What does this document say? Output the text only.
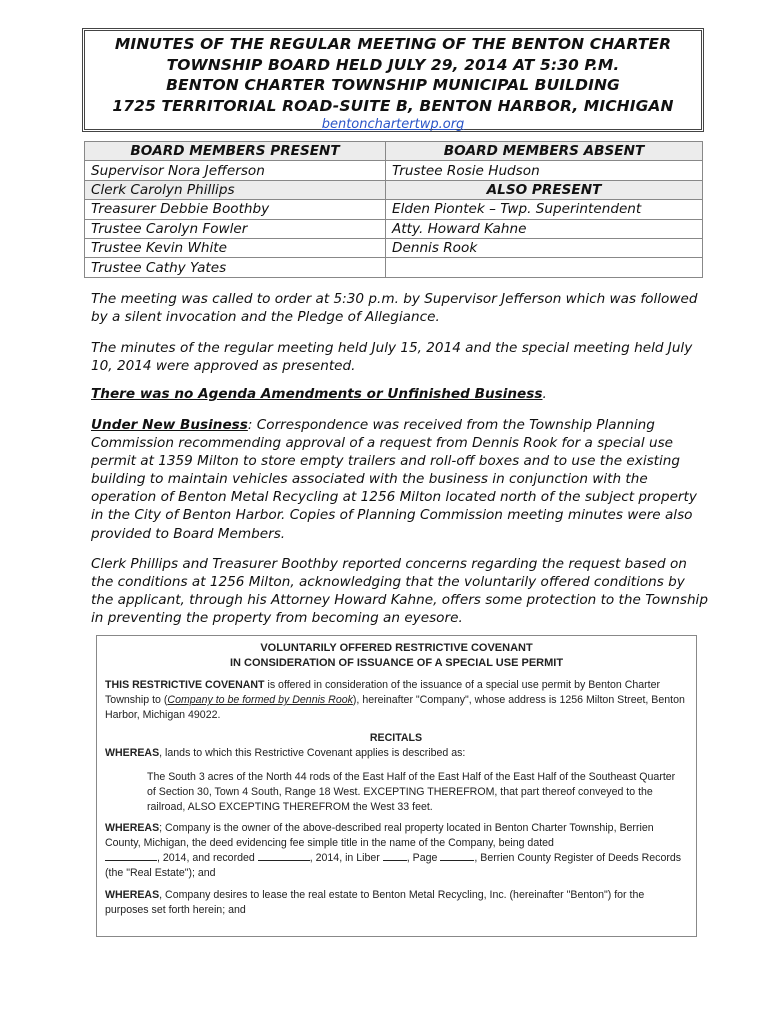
MINUTES OF THE REGULAR MEETING OF THE BENTON CHARTER
TOWNSHIP BOARD HELD JULY 29, 2014 AT 5:30 P.M.
BENTON CHARTER TOWNSHIP MUNICIPAL BUILDING
1725 TERRITORIAL ROAD-SUITE B, BENTON HARBOR, MICHIGAN
bentonchartertwp.org
BOARD MEMBERS PRESENT	BOARD MEMBERS ABSENT
Supervisor Nora Jefferson	Trustee Rosie Hudson
Clerk Carolyn Phillips	ALSO PRESENT
Treasurer Debbie Boothby	Elden Piontek – Twp. Superintendent
Trustee Carolyn Fowler	Atty. Howard Kahne
Trustee Kevin White	Dennis Rook
Trustee Cathy Yates	
The meeting was called to order at 5:30 p.m. by Supervisor Jefferson which was followed by a silent invocation and the Pledge of Allegiance.
The minutes of the regular meeting held July 15, 2014 and the special meeting held July 10, 2014 were approved as presented.
There was no Agenda Amendments or Unfinished Business.
Under New Business: Correspondence was received from the Township Planning Commission recommending approval of a request from Dennis Rook for a special use permit at 1359 Milton to store empty trailers and roll-off boxes and to use the existing building to maintain vehicles associated with the business in conjunction with the operation of Benton Metal Recycling at 1256 Milton located north of the subject property in the City of Benton Harbor. Copies of Planning Commission meeting minutes were also provided to Board Members.
Clerk Phillips and Treasurer Boothby reported concerns regarding the request based on the conditions at 1256 Milton, acknowledging that the voluntarily offered conditions by the applicant, through his Attorney Howard Kahne, offers some protection to the Township in preventing the property from becoming an eyesore.
VOLUNTARILY OFFERED RESTRICTIVE COVENANT
IN CONSIDERATION OF ISSUANCE OF A SPECIAL USE PERMIT
THIS RESTRICTIVE COVENANT is offered in consideration of the issuance of a special use permit by Benton Charter Township to (Company to be formed by Dennis Rook), hereinafter "Company", whose address is 1256 Milton Street, Benton Harbor, Michigan 49022.
RECITALS
WHEREAS, lands to which this Restrictive Covenant applies is described as:
The South 3 acres of the North 44 rods of the East Half of the East Half of the East Half of the Southeast Quarter of Section 30, Town 4 South, Range 18 West. EXCEPTING THEREFROM, that part thereof conveyed to the railroad, ALSO EXCEPTING THEREFROM the West 33 feet.
WHEREAS; Company is the owner of the above-described real property located in Benton Charter Township, Berrien County, Michigan, the deed evidencing fee simple title in the name of the Company, being dated
, 2014, and recorded	, 2014, in Liber	, Page	, Berrien County Register of Deeds Records (the "Real Estate"); and
WHEREAS, Company desires to lease the real estate to Benton Metal Recycling, Inc. (hereinafter "Benton") for the purposes set forth herein; and
